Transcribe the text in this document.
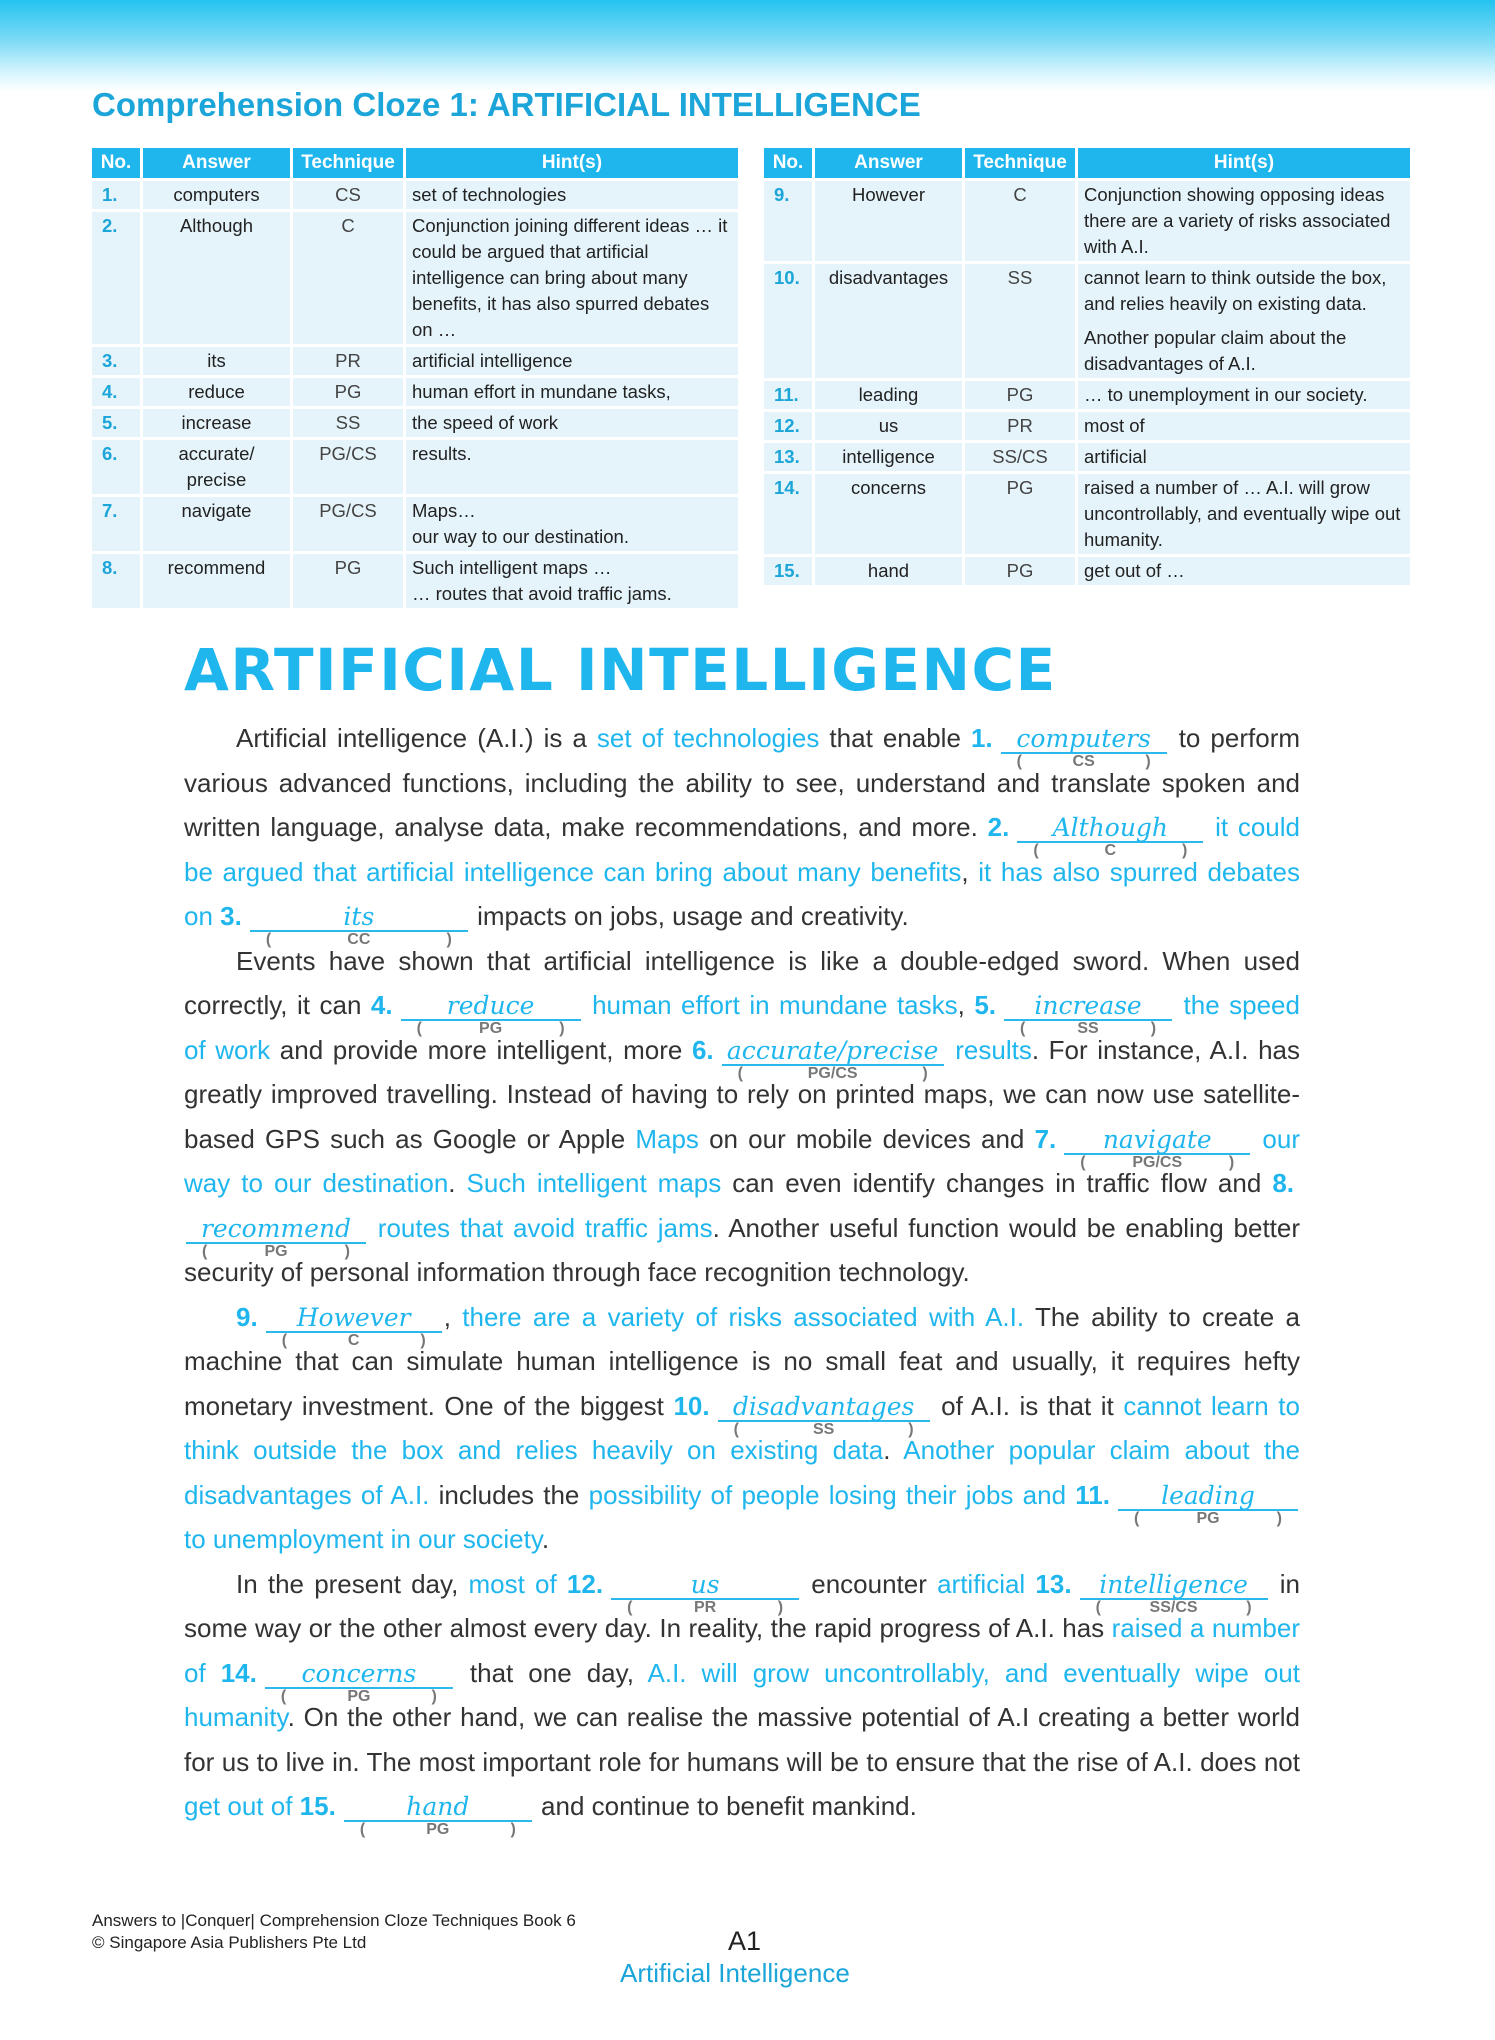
Comprehension Cloze 1: ARTIFICIAL INTELLIGENCE
No.	Answer	Technique	Hint(s)
1.	computers	CS	set of technologies
2.	Although	C	Conjunction joining different ideas … it could be argued that artificial intelligence can bring about many benefits, it has also spurred debates on …
3.	its	PR	artificial intelligence
4.	reduce	PG	human effort in mundane tasks,
5.	increase	SS	the speed of work
6.	accurate/ precise	PG/CS	results.
7.	navigate	PG/CS	Maps…
our way to our destination.

8.	recommend	PG	Such intelligent maps …
… routes that avoid traffic jams.
No.	Answer	Technique	Hint(s)
9.	However	C	Conjunction showing opposing ideas there are a variety of risks associated with A.I.
10.	disadvantages	SS	cannot learn to think outside the box, and relies heavily on existing data.
Another popular claim about the disadvantages of A.I.

11.	leading	PG	… to unemployment in our society.
12.	us	PR	most of
13.	intelligence	SS/CS	artificial
14.	concerns	PG	raised a number of … A.I. will grow uncontrollably, and eventually wipe out humanity.
15.	hand	PG	get out of …
ARTIFICIAL INTELLIGENCE

Artificial intelligence (A.I.) is a set of technologies that enable 1. computers
( CS )
to perform various advanced functions, including the ability to see, understand and translate spoken and written language, analyse data, make recommendations, and more. 2. Although
( C )
it could be argued that artificial intelligence can bring about many benefits, it has also spurred debates on 3.	its
( CC )
impacts on jobs, usage and creativity.

Events have shown that artificial intelligence is like a double-edged sword. When used correctly, it can 4. reduce
( PG )
human effort in mundane tasks, 5. increase
( SS )
the speed of work and provide more intelligent, more 6. accurate/precise
( PG/CS )
results. For instance, A.I. has greatly improved travelling. Instead of having to rely on printed maps, we can now use satellite-based GPS such as Google or Apple Maps on our mobile devices and 7. navigate
( PG/CS )
our way to our destination. Such intelligent maps can even identify changes in traffic flow and 8.recommend
( PG )
routes that avoid traffic jams. Another useful function would be enabling better security of personal information through face recognition technology.

9. However
( C )
, there are a variety of risks associated with A.I. The ability to create a machine that can simulate human intelligence is no small feat and usually, it requires hefty monetary investment. One of the biggest 10. disadvantages
( SS )
of A.I. is that it cannot learn to think outside the box and relies heavily on existing data. Another popular claim about the disadvantages of A.I. includes the possibility of people losing their jobs and 11. leading
( PG )
to unemployment in our society.

In the present day, most of 12.	us
( PR )
encounter artificial 13. intelligence
( SS/CS )
in some way or the other almost every day. In reality, the rapid progress of A.I. has raised a number of 14. concerns
( PG )
that one day, A.I. will grow uncontrollably, and eventually wipe out humanity. On the other hand, we can realise the massive potential of A.I creating a better world for us to live in. The most important role for humans will be to ensure that the rise of A.I. does not get out of 15.	hand
( PG )
and continue to benefit mankind.

Answers to |Conquer| Comprehension Cloze Techniques Book 6
© Singapore Asia Publishers Pte Ltd	A1
Artificial Intelligence
